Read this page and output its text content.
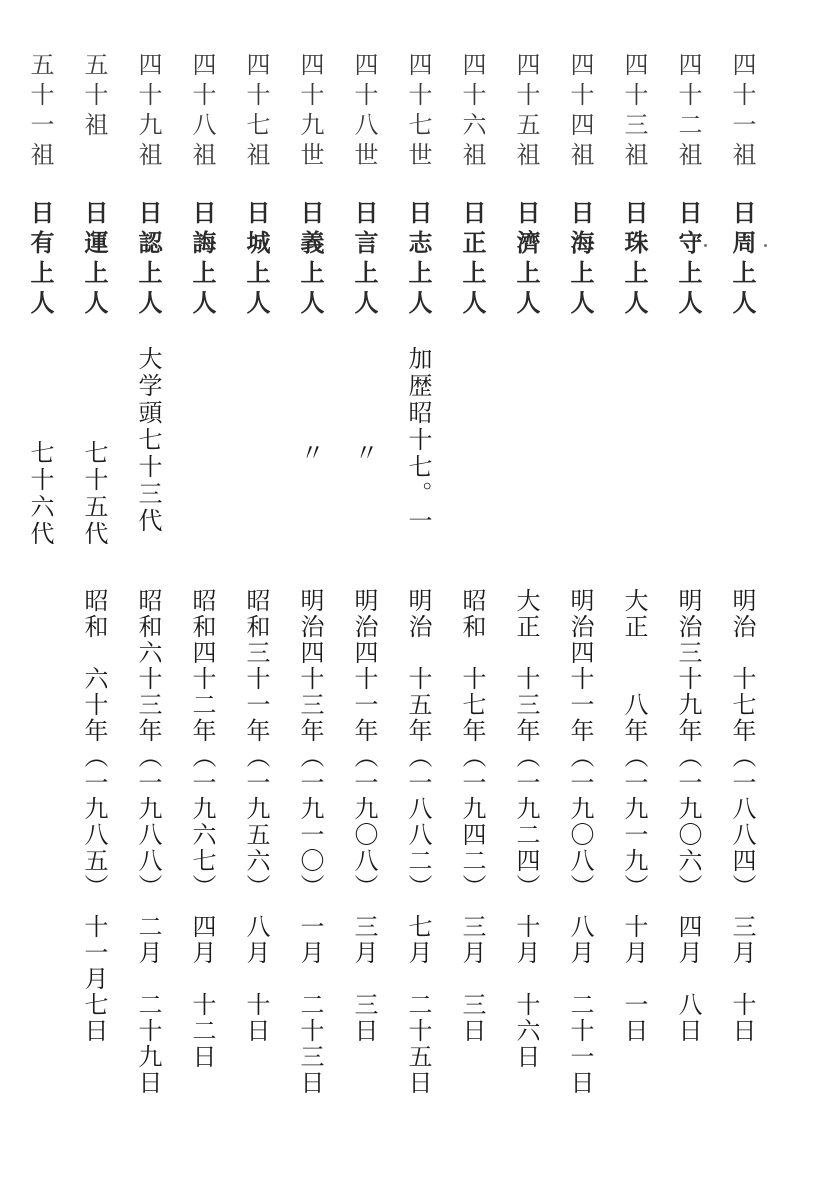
四十一祖
日周上人
明治　十七年（一八八四）　三月　十日
四十二祖
日守上人
明治三十九年（一九〇六）　四月　八日
四十三祖
日珠上人
大正　　八年（一九一九）　十月　一日
四十四祖
日海上人
明治四十一年（一九〇八）　八月　二十一日
四十五祖
日濟上人
大正　十三年（一九二四）　十月　十六日
四十六祖
日正上人
昭和　十七年（一九四二）　三月　三日
四十七世
日志上人
加歴昭十七。一
明治　十五年（一八八二）　七月　二十五日
四十八世
日言上人
〃
明治四十一年（一九〇八）　三月　三日
四十九世
日義上人
〃
明治四十三年（一九一〇）　一月　二十三日
四十七祖
日城上人
昭和三十一年（一九五六）　八月　十日
四十八祖
日誨上人
昭和四十二年（一九六七）　四月　十二日
四十九祖
日認上人
大学頭七十三代
昭和六十三年（一九八八）　二月　二十九日
五十祖
日運上人
七十五代
昭和　六十年（一九八五）　十一月七日
五十一祖
日有上人
七十六代
